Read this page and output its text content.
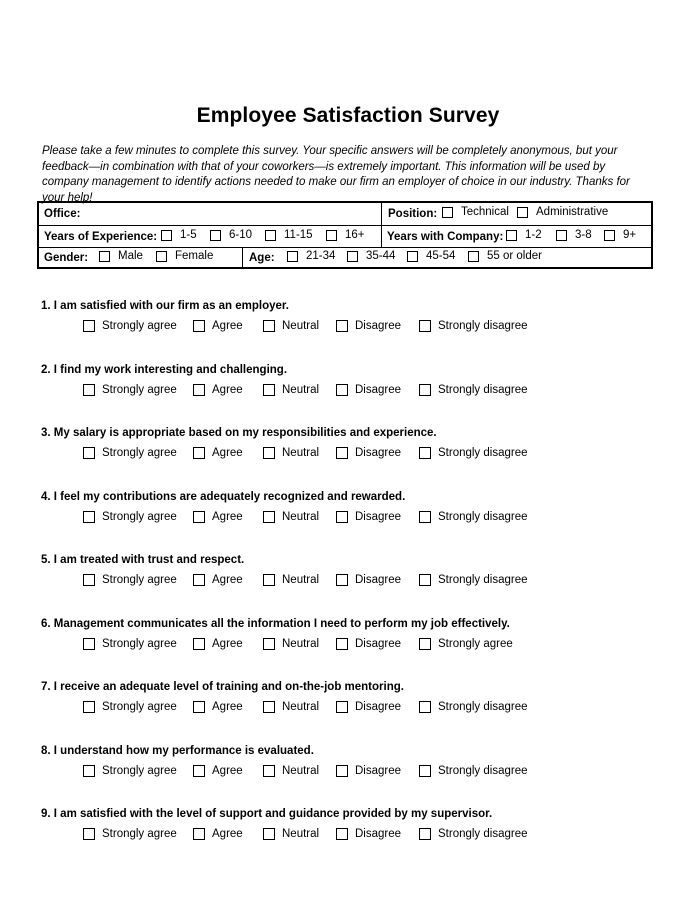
Employee Satisfaction Survey
Please take a few minutes to complete this survey. Your specific answers will be completely anonymous, but your feedback—in combination with that of your coworkers—is extremely important. This information will be used by company management to identify actions needed to make our firm an employer of choice in our industry. Thanks for your help!
Office:	Position: Technical Administrative
Years of Experience: 1-5	6-10	11-15	16+ Years with Company: 1-2	3-8	9+
Gender:	Male	Female	Age:	21-34	35-44	45-54	55 or older
1. I am satisfied with our firm as an employer.
Strongly agree	Agree	Neutral	Disagree	Strongly disagree
2. I find my work interesting and challenging.
Strongly agree	Agree	Neutral	Disagree	Strongly disagree
3. My salary is appropriate based on my responsibilities and experience.
Strongly agree	Agree	Neutral	Disagree	Strongly disagree
4. I feel my contributions are adequately recognized and rewarded.
Strongly agree	Agree	Neutral	Disagree	Strongly disagree
5. I am treated with trust and respect.
Strongly agree	Agree	Neutral	Disagree	Strongly disagree
6. Management communicates all the information I need to perform my job effectively.
Strongly agree	Agree	Neutral	Disagree	Strongly agree
7. I receive an adequate level of training and on-the-job mentoring.
Strongly agree	Agree	Neutral	Disagree	Strongly disagree
8. I understand how my performance is evaluated.
Strongly agree	Agree	Neutral	Disagree	Strongly disagree
9. I am satisfied with the level of support and guidance provided by my supervisor.
Strongly agree	Agree	Neutral	Disagree	Strongly disagree
